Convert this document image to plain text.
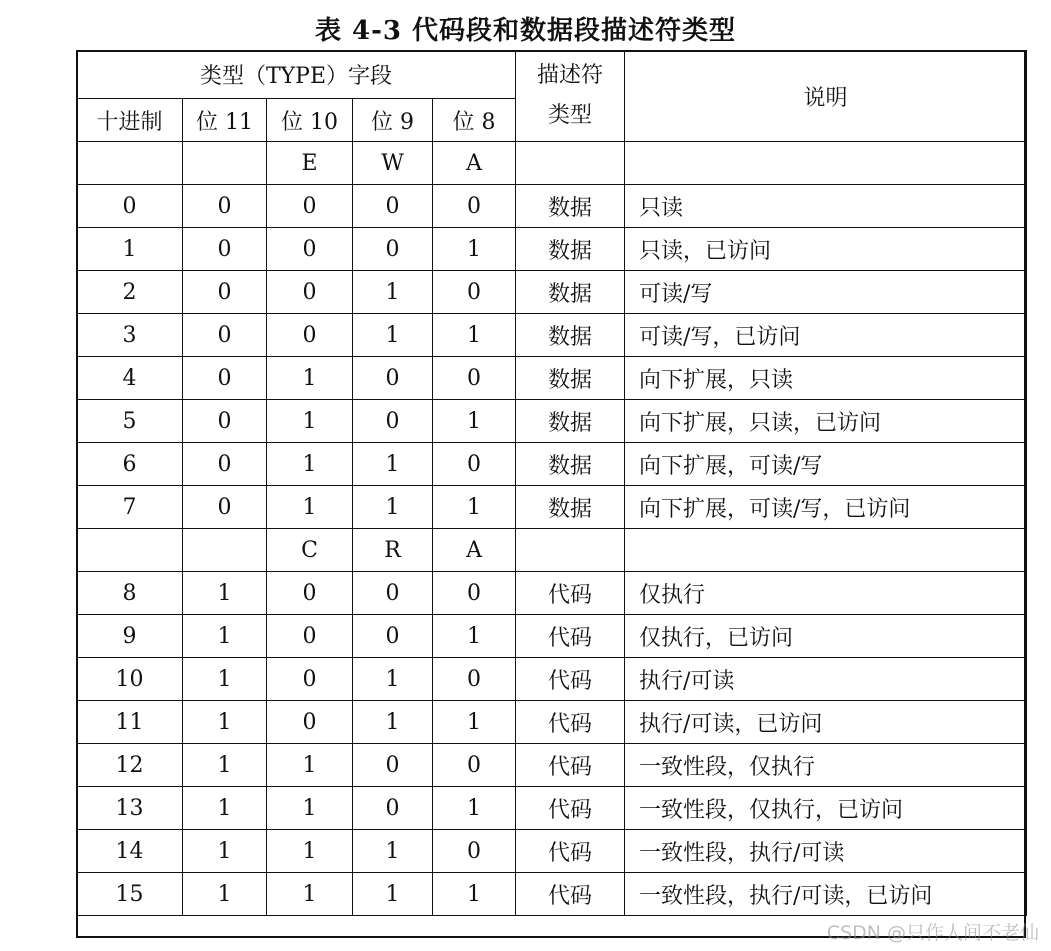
表 4-3 代码段和数据段描述符类型
类型（TYPE）字段					描述符
类型	说明
十进制	位 11	位 10	位 9	位 8		
		E	W	A		
0	0	0	0	0	数据	只读
1	0	0	0	1	数据	只读，已访问
2	0	0	1	0	数据	可读/写
3	0	0	1	1	数据	可读/写，已访问
4	0	1	0	0	数据	向下扩展，只读
5	0	1	0	1	数据	向下扩展，只读，已访问
6	0	1	1	0	数据	向下扩展，可读/写
7	0	1	1	1	数据	向下扩展，可读/写，已访问
		C	R	A		
8	1	0	0	0	代码	仅执行
9	1	0	0	1	代码	仅执行，已访问
10	1	0	1	0	代码	执行/可读
11	1	0	1	1	代码	执行/可读，已访问
12	1	1	0	0	代码	一致性段，仅执行
13	1	1	0	1	代码	一致性段，仅执行，已访问
14	1	1	1	0	代码	一致性段，执行/可读
15	1	1	1	1	代码	一致性段，执行/可读，已访问
CSDN @只作人间不老仙
